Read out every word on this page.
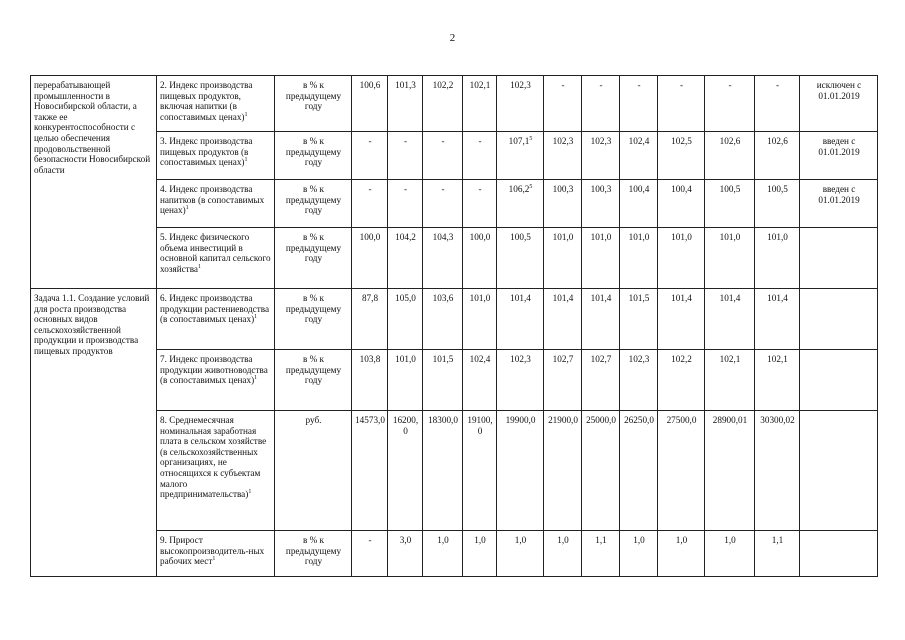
2
перерабатывающей промышленности в Новосибирской области, а также ее конкурентоспособности с целью обеспечения продовольственной безопасности Новосибирской области	2. Индекс производства пищевых продуктов, включая напитки (в сопоставимых ценах)$^1$	в % к предыдущему году	100,6	101,3	102,2	102,1	102,3	-	-	-	-	-	-	исключен с 01.01.2019
	3. Индекс производства пищевых продуктов (в сопоставимых ценах)$^1$	в % к предыдущему году	-	-	-	-	107,1$^5$	102,3	102,3	102,4	102,5	102,6	102,6	введен с 01.01.2019
	4. Индекс производства напитков (в сопоставимых ценах)$^1$	в % к предыдущему году	-	-	-	-	106,2$^5$	100,3	100,3	100,4	100,4	100,5	100,5	введен с 01.01.2019
	5. Индекс физического объема инвестиций в основной капитал сельского хозяйства$^1$	в % к предыдущему году	100,0	104,2	104,3	100,0	100,5	101,0	101,0	101,0	101,0	101,0	101,0	
Задача 1.1. Создание условий для роста производства основных видов сельскохозяйственной продукции и производства пищевых продуктов	6. Индекс производства продукции растениеводства (в сопоставимых ценах)$^1$	в % к предыдущему году	87,8	105,0	103,6	101,0	101,4	101,4	101,4	101,5	101,4	101,4	101,4	
	7. Индекс производства продукции животноводства (в сопоставимых ценах)$^1$	в % к предыдущему году	103,8	101,0	101,5	102,4	102,3	102,7	102,7	102,3	102,2	102,1	102,1	
	8. Среднемесячная номинальная заработная плата в сельском хозяйстве (в сельскохозяйственных организациях, не относящихся к субъектам малого предпринимательства)$^1$	руб.	14573,0	16200,0	18300,0	19100,0	19900,0	21900,0	25000,0	26250,0	27500,0	28900,01	30300,02	
	9. Прирост высокопроизводитель-ных рабочих мест$^1$	в % к предыдущему году	-	3,0	1,0	1,0	1,0	1,0	1,1	1,0	1,0	1,0	1,1	
